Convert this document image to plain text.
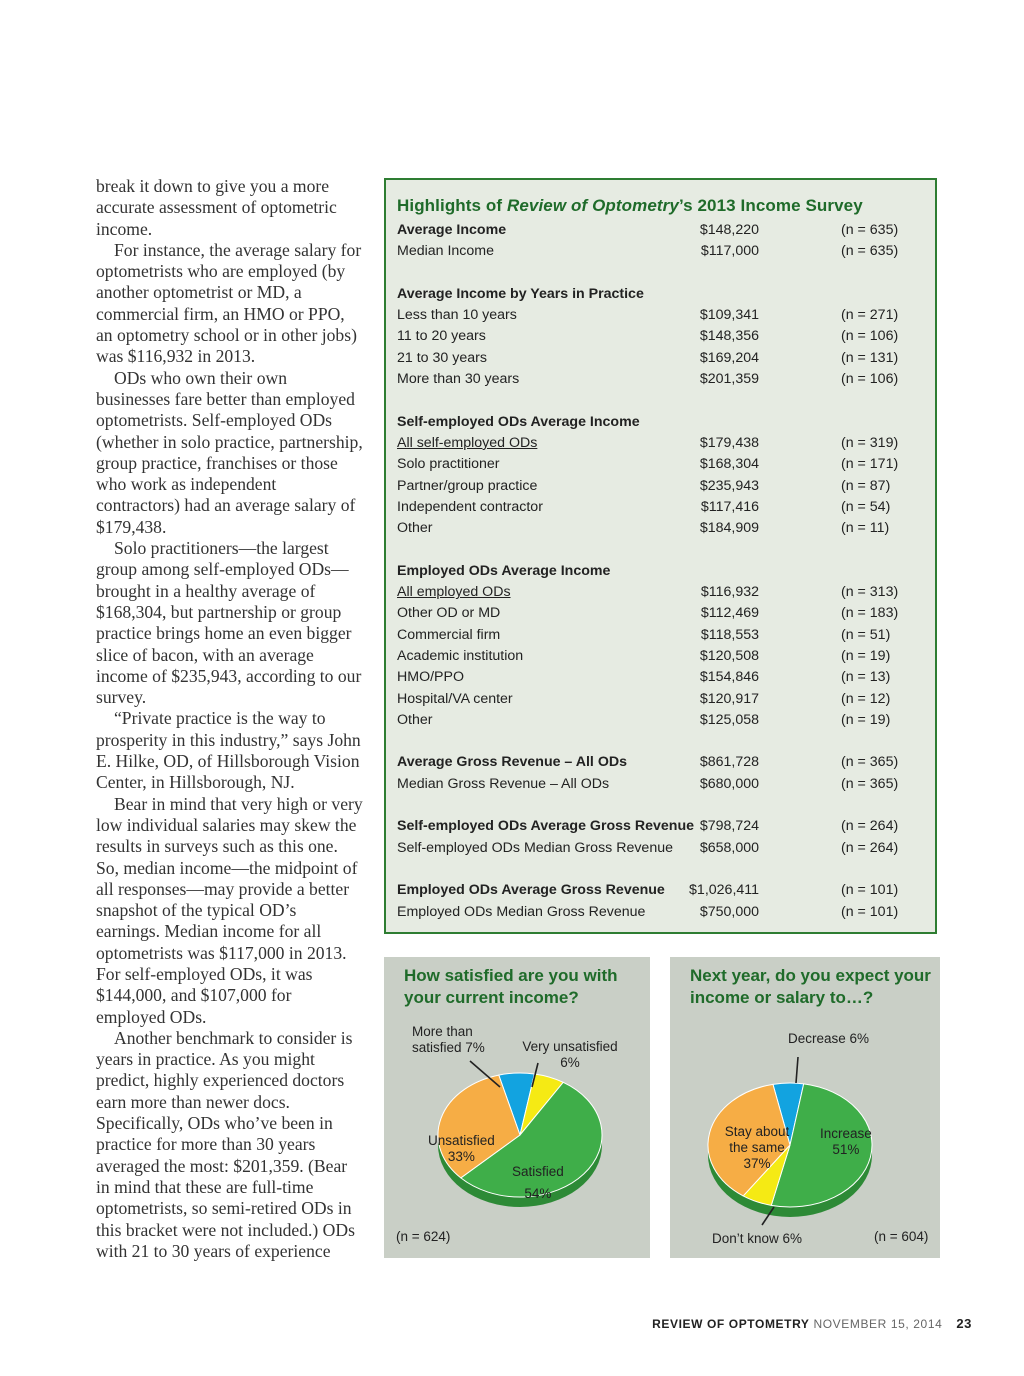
break it down to give you a more accurate assessment of optometric income.

For instance, the average salary for optometrists who are employed (by another optometrist or MD, a commercial firm, an HMO or PPO, an optometry school or in other jobs) was $116,932 in 2013.

ODs who own their own businesses fare better than employed optometrists. Self-employed ODs (whether in solo practice, partnership, group practice, franchises or those who work as independent contractors) had an average salary of $179,438.

Solo practitioners—the largest group among self-employed ODs—brought in a healthy average of $168,304, but partnership or group practice brings home an even bigger slice of bacon, with an average income of $235,943, according to our survey.

“Private practice is the way to prosperity in this industry,” says John E. Hilke, OD, of Hillsborough Vision Center, in Hillsborough, NJ.

Bear in mind that very high or very low individual salaries may skew the results in surveys such as this one. So, median income—the midpoint of all responses—may provide a better snapshot of the typical OD’s earnings. Median income for all optometrists was $117,000 in 2013. For self-employed ODs, it was $144,000, and $107,000 for employed ODs.

Another benchmark to consider is years in practice. As you might predict, highly experienced doctors earn more than newer docs. Specifically, ODs who’ve been in practice for more than 30 years averaged the most: $201,359. (Bear in mind that these are full-time optometrists, so semi-retired ODs in this bracket were not included.) ODs with 21 to 30 years of experience

Highlights of Review of Optometry’s 2013 Income Survey
Average Income	$148,220	(n = 635)
Median Income	$117,000	(n = 635)
Average Income by Years in Practice
Less than 10 years	$109,341	(n = 271)
11 to 20 years	$148,356	(n = 106)
21 to 30 years	$169,204	(n = 131)
More than 30 years	$201,359	(n = 106)
Self-employed ODs Average Income
All self-employed ODs	$179,438	(n = 319)
Solo practitioner	$168,304	(n = 171)
Partner/group practice	$235,943	(n = 87)
Independent contractor	$117,416	(n = 54)
Other	$184,909	(n = 11)
Employed ODs Average Income
All employed ODs	$116,932	(n = 313)
Other OD or MD	$112,469	(n = 183)
Commercial firm	$118,553	(n = 51)
Academic institution	$120,508	(n = 19)
HMO/PPO	$154,846	(n = 13)
Hospital/VA center	$120,917	(n = 12)
Other	$125,058	(n = 19)
Average Gross Revenue – All ODs	$861,728	(n = 365)
Median Gross Revenue – All ODs	$680,000	(n = 365)
Self-employed ODs Average Gross Revenue $798,724	(n = 264)
Self-employed ODs Median Gross Revenue $658,000	(n = 264)
Employed ODs Average Gross Revenue $1,026,411	(n = 101)
Employed ODs Median Gross Revenue	$750,000	(n = 101)
How satisfied are you with your current income?
More than satisfied 7%	Very unsatisfied 6%
Unsatisfied
33%
Satisfied
54%
(n = 624)
Next year, do you expect your income or salary to…?
Decrease 6%
Stay about the same
37%
Increase
51%
Don’t know 6%	(n = 604)
REVIEW OF OPTOMETRY NOVEMBER 15, 2014 23
